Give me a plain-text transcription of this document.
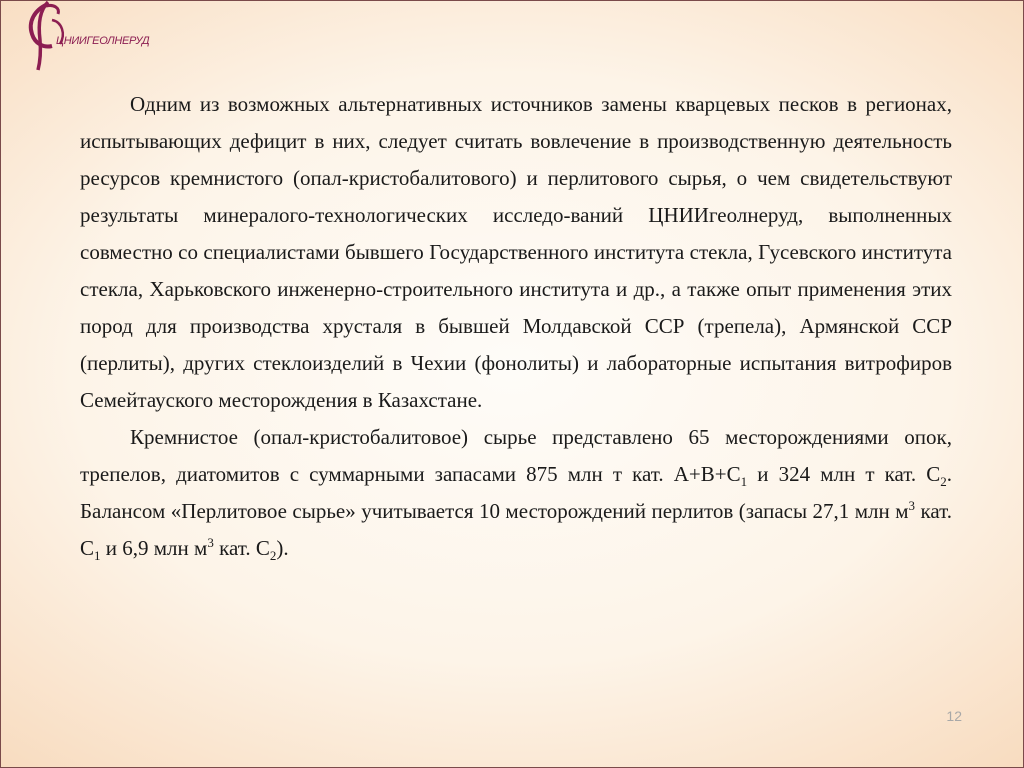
ЦНИИГЕОЛНЕРУД

Одним из возможных альтернативных источников замены кварцевых песков в регионах, испытывающих дефицит в них, следует считать вовлечение в производственную деятельность ресурсов кремнистого (опал-кристобалитового) и перлитового сырья, о чем свидетельствуют результаты минералого-технологических исследо-ваний ЦНИИгеолнеруд, выполненных совместно со специалистами бывшего Государственного института стекла, Гусевского института стекла, Харьковского инженерно-строительного института и др., а также опыт применения этих пород для производства хрусталя в бывшей Молдавской ССР (трепела), Армянской ССР (перлиты), других стеклоизделий в Чехии (фонолиты) и лабораторные испытания витрофиров Семейтауского месторождения в Казахстане.

Кремнистое (опал-кристобалитовое) сырье представлено 65 месторождениями опок, трепелов, диатомитов с суммарными запасами 875 млн т кат. $А+В+С_1$ и 324 млн т кат. $С_2$. Балансом «Перлитовое сырье» учитывается 10 месторождений перлитов (запасы 27,1 млн $м^3$ кат. $С_1$ и 6,9 млн $м^3$ кат. $С_2$).

12
